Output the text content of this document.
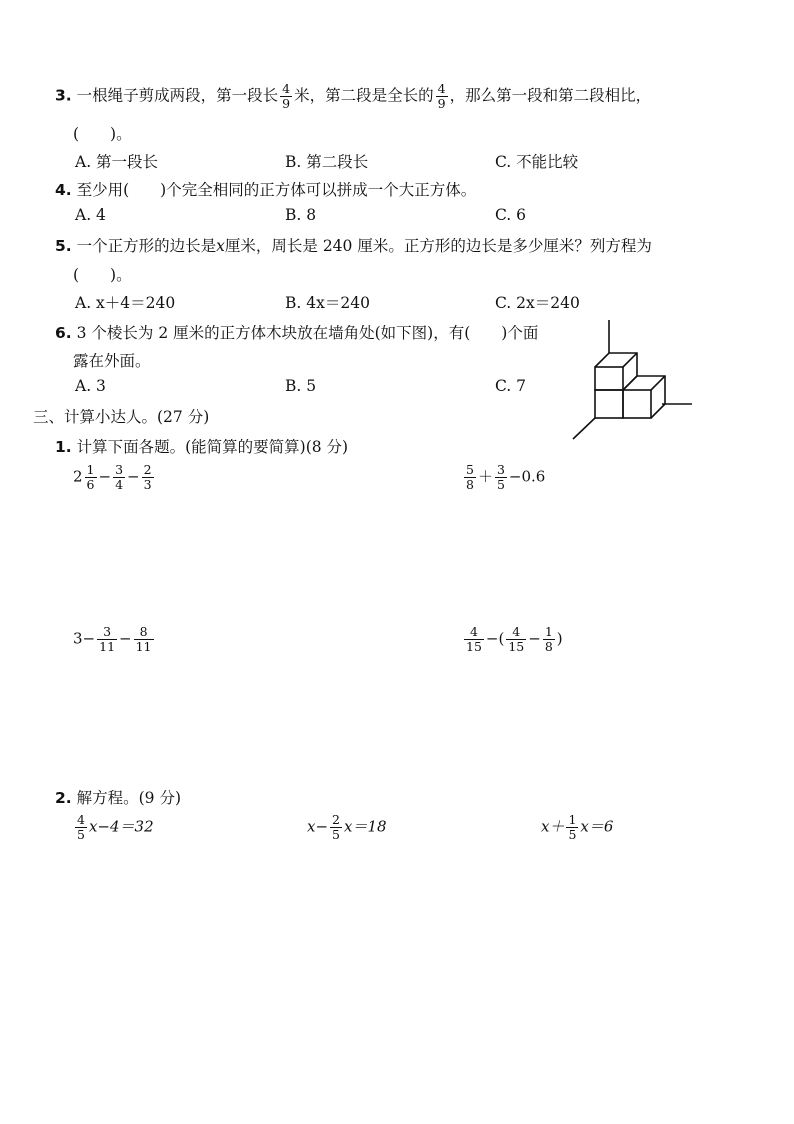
3. 一根绳子剪成两段，第一段长 $\frac{4}{9}$ 米，第二段是全长的 $\frac{4}{9}$ ，那么第一段和第二段相比，
(　　)。
A. 第一段长	B. 第二段长	C. 不能比较
4. 至少用(　　)个完全相同的正方体可以拼成一个大正方体。
A. 4	B. 8	C. 6
5. 一个正方形的边长是x厘米，周长是 240 厘米。正方形的边长是多少厘米？列方程为
(　　)。
A. x＋4＝240	B. 4x＝240	C. 2x＝240
6. 3 个棱长为 2 厘米的正方体木块放在墙角处(如下图)，有(　　)个面
露在外面。
A. 3	B. 5	C. 7
三、计算小达人。(27 分)
1. 计算下面各题。(能简算的要简算)(8 分)
$2 \frac{1}{6} - \frac{3}{4} - \frac{2}{3}$	$\frac{5}{8} + \frac{3}{5} -0.6$
$3- \frac{3}{11} - \frac{8}{11}$	$\frac{4}{15}$ −( $\frac{4}{15} - \frac{1}{8}$ )
2. 解方程。(9 分)
$\frac{4}{5} x-4=32$	$x- \frac{2}{5} x=18$	$x+ \frac{1}{5} x=6$
